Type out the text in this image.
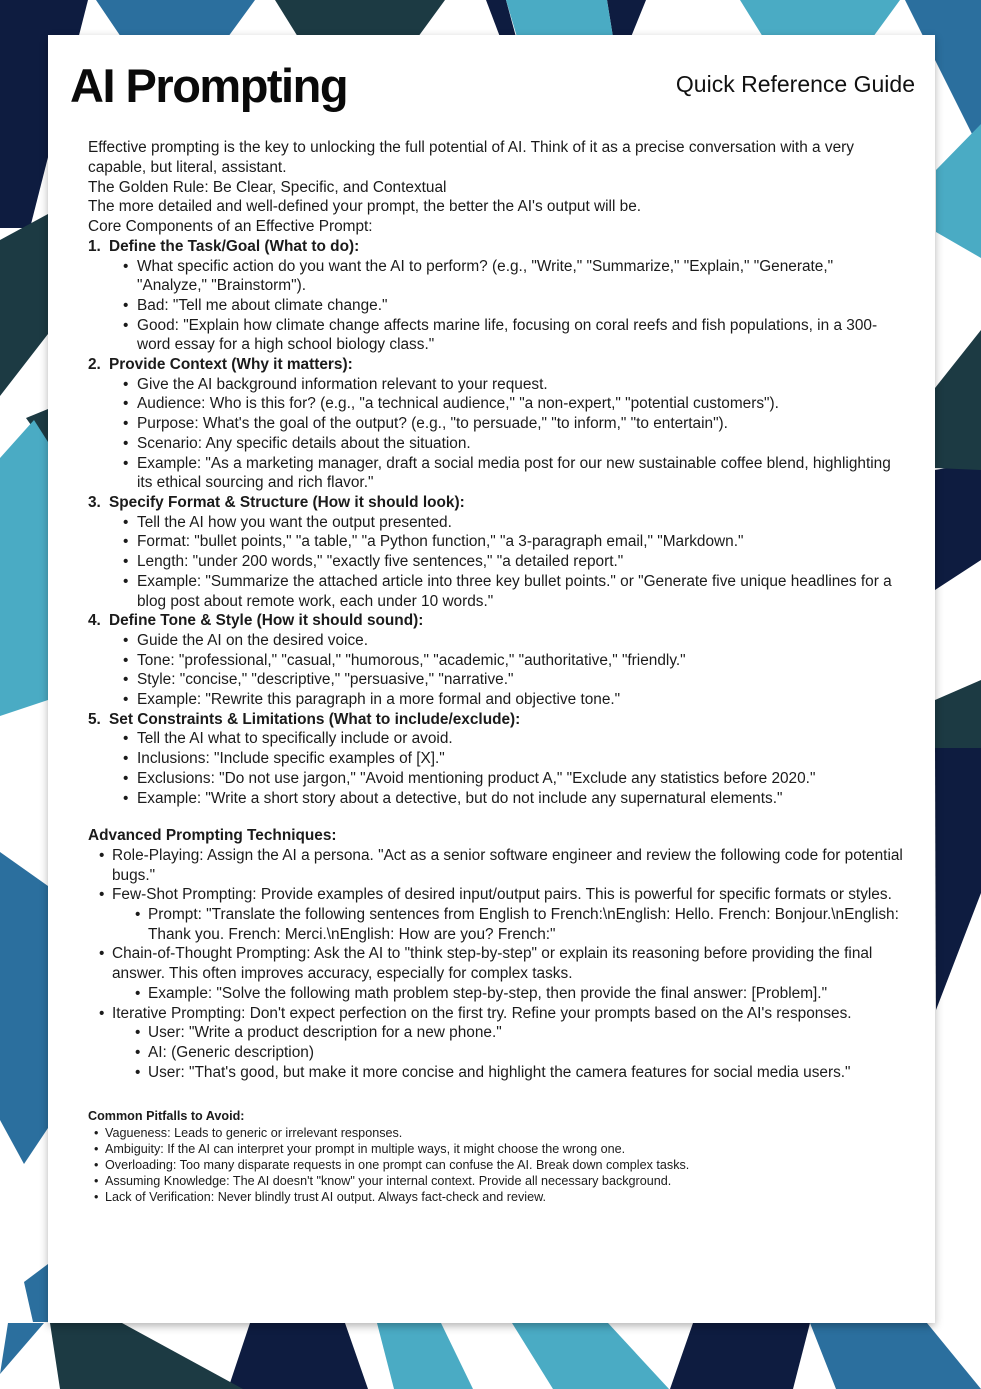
AI Prompting	Quick Reference Guide

Effective prompting is the key to unlocking the full potential of AI. Think of it as a precise conversation with a very capable, but literal, assistant.

The Golden Rule: Be Clear, Specific, and Contextual

The more detailed and well-defined your prompt, the better the AI's output will be.

Core Components of an Effective Prompt:

1. Define the Task/Goal (What to do):
• What specific action do you want the AI to perform? (e.g., "Write," "Summarize," "Explain," "Generate," "Analyze," "Brainstorm").
• Bad: "Tell me about climate change."
• Good: "Explain how climate change affects marine life, focusing on coral reefs and fish populations, in a 300-word essay for a high school biology class."
2. Provide Context (Why it matters):
• Give the AI background information relevant to your request.
• Audience: Who is this for? (e.g., "a technical audience," "a non-expert," "potential customers").
• Purpose: What's the goal of the output? (e.g., "to persuade," "to inform," "to entertain").
• Scenario: Any specific details about the situation.
• Example: "As a marketing manager, draft a social media post for our new sustainable coffee blend, highlighting its ethical sourcing and rich flavor."
3. Specify Format & Structure (How it should look):
• Tell the AI how you want the output presented.
• Format: "bullet points," "a table," "a Python function," "a 3-paragraph email," "Markdown."
• Length: "under 200 words," "exactly five sentences," "a detailed report."
• Example: "Summarize the attached article into three key bullet points." or "Generate five unique headlines for a blog post about remote work, each under 10 words."
4. Define Tone & Style (How it should sound):
• Guide the AI on the desired voice.
• Tone: "professional," "casual," "humorous," "academic," "authoritative," "friendly."
• Style: "concise," "descriptive," "persuasive," "narrative."
• Example: "Rewrite this paragraph in a more formal and objective tone."
5. Set Constraints & Limitations (What to include/exclude):
• Tell the AI what to specifically include or avoid.
• Inclusions: "Include specific examples of [X]."
• Exclusions: "Do not use jargon," "Avoid mentioning product A," "Exclude any statistics before 2020."
• Example: "Write a short story about a detective, but do not include any supernatural elements."
Advanced Prompting Techniques:
• Role-Playing: Assign the AI a persona. "Act as a senior software engineer and review the following code for potential bugs."
• Few-Shot Prompting: Provide examples of desired input/output pairs. This is powerful for specific formats or styles.
• Prompt: "Translate the following sentences from English to French:\nEnglish: Hello. French: Bonjour.\nEnglish: Thank you. French: Merci.\nEnglish: How are you? French:"
• Chain-of-Thought Prompting: Ask the AI to "think step-by-step" or explain its reasoning before providing the final answer. This often improves accuracy, especially for complex tasks.
• Example: "Solve the following math problem step-by-step, then provide the final answer: [Problem]."
• Iterative Prompting: Don't expect perfection on the first try. Refine your prompts based on the AI's responses.
• User: "Write a product description for a new phone."
• AI: (Generic description)
• User: "That's good, but make it more concise and highlight the camera features for social media users."
Common Pitfalls to Avoid:
• Vagueness: Leads to generic or irrelevant responses.
• Ambiguity: If the AI can interpret your prompt in multiple ways, it might choose the wrong one.
• Overloading: Too many disparate requests in one prompt can confuse the AI. Break down complex tasks.
• Assuming Knowledge: The AI doesn't "know" your internal context. Provide all necessary background.
• Lack of Verification: Never blindly trust AI output. Always fact-check and review.
